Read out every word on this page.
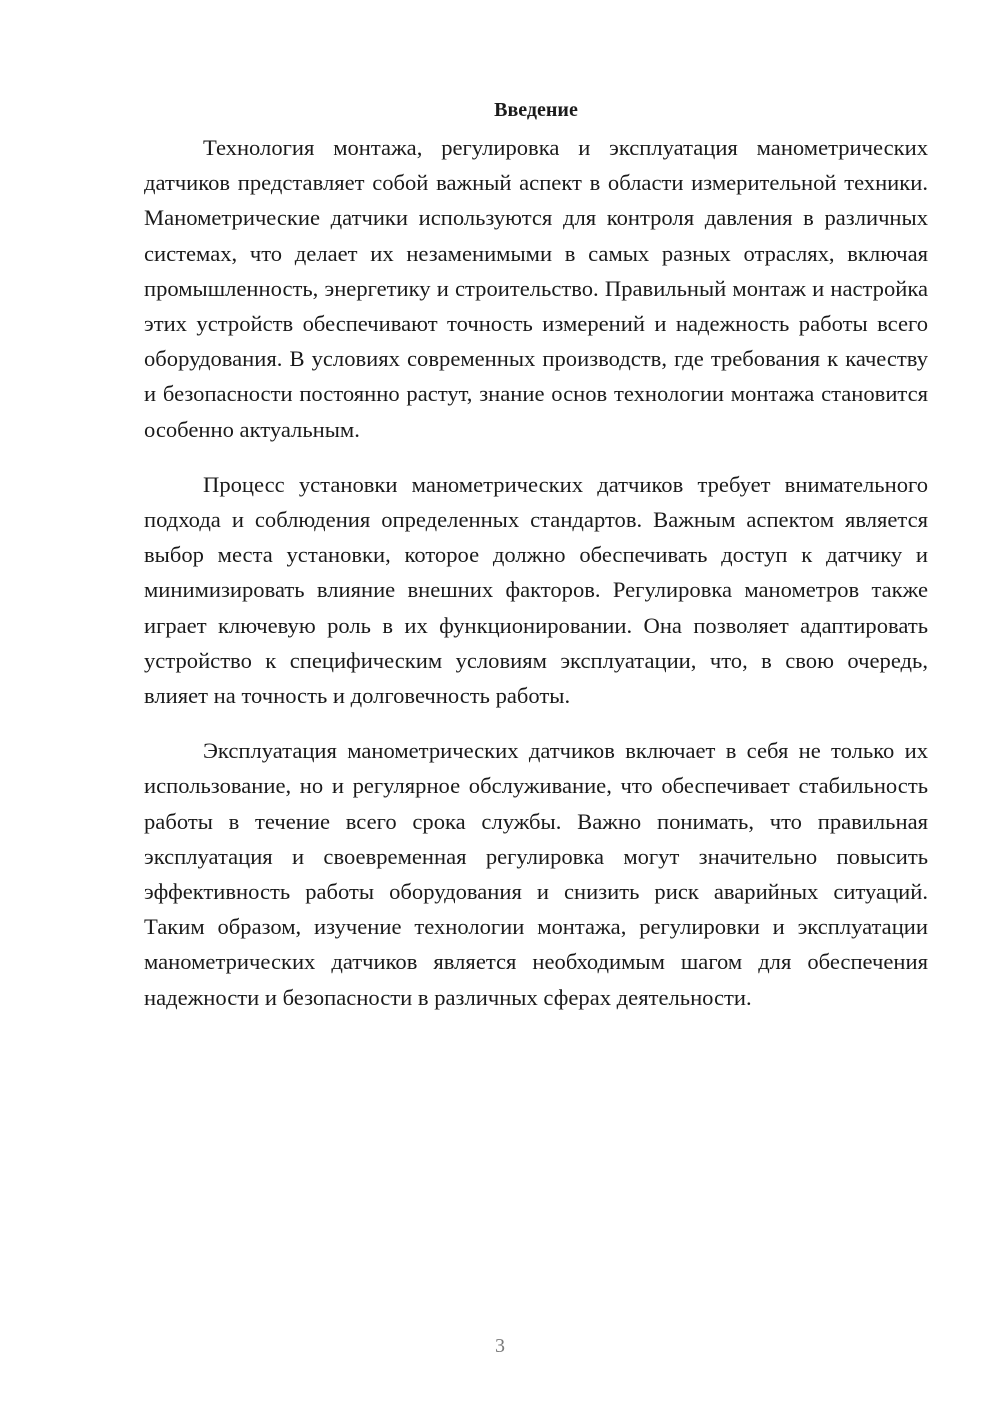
Введение

Технология монтажа, регулировка и эксплуатация манометрических датчиков представляет собой важный аспект в области измерительной техники. Манометрические датчики используются для контроля давления в различных системах, что делает их незаменимыми в самых разных отраслях, включая промышленность, энергетику и строительство. Правильный монтаж и настройка этих устройств обеспечивают точность измерений и надежность работы всего оборудования. В условиях современных производств, где требования к качеству и безопасности постоянно растут, знание основ технологии монтажа становится особенно актуальным.

Процесс установки манометрических датчиков требует внимательного подхода и соблюдения определенных стандартов. Важным аспектом является выбор места установки, которое должно обеспечивать доступ к датчику и минимизировать влияние внешних факторов. Регулировка манометров также играет ключевую роль в их функционировании. Она позволяет адаптировать устройство к специфическим условиям эксплуатации, что, в свою очередь, влияет на точность и долговечность работы.

Эксплуатация манометрических датчиков включает в себя не только их использование, но и регулярное обслуживание, что обеспечивает стабильность работы в течение всего срока службы. Важно понимать, что правильная эксплуатация и своевременная регулировка могут значительно повысить эффективность работы оборудования и снизить риск аварийных ситуаций. Таким образом, изучение технологии монтажа, регулировки и эксплуатации манометрических датчиков является необходимым шагом для обеспечения надежности и безопасности в различных сферах деятельности.

3
